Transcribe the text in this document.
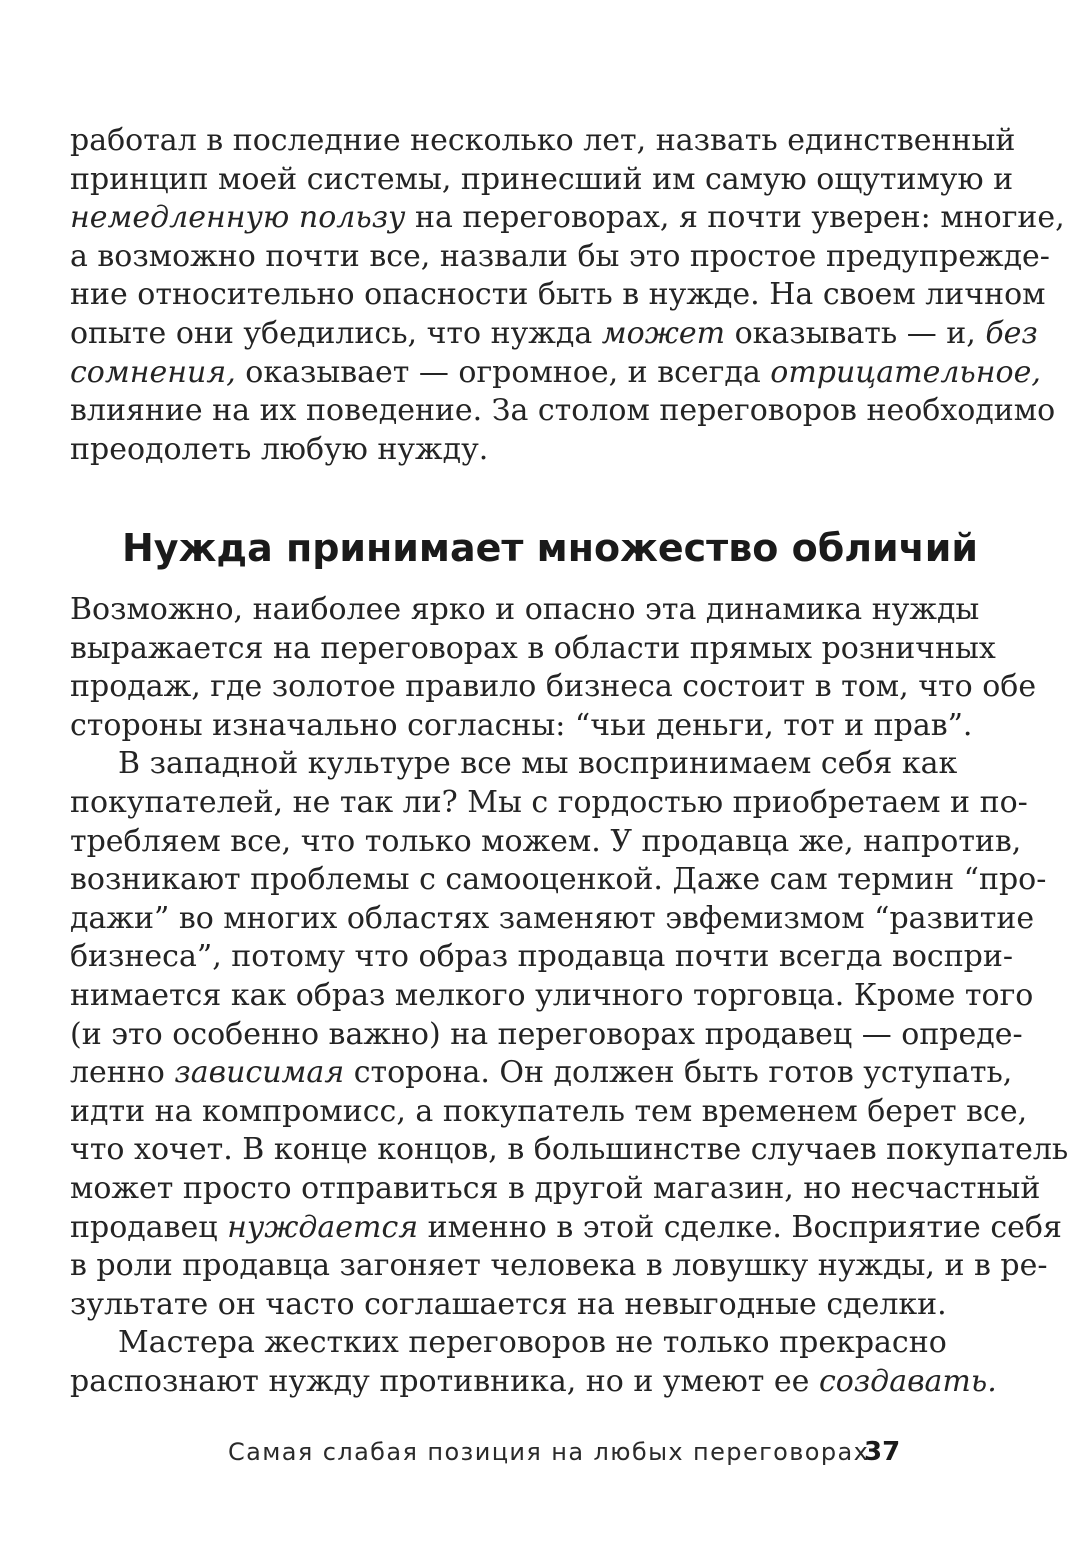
работал в последние несколько лет, назвать единственный
принцип моей системы, принесший им самую ощутимую и
немедленную пользу на переговорах, я почти уверен: многие,
а возможно почти все, назвали бы это простое предупрежде-
ние относительно опасности быть в нужде. На своем личном
опыте они убедились, что нужда может оказывать — и, без
сомнения, оказывает — огромное, и всегда отрицательное,
влияние на их поведение. За столом переговоров необходимо
преодолеть любую нужду.
Нужда принимает множество обличий
Возможно, наиболее ярко и опасно эта динамика нужды
выражается на переговорах в области прямых розничных
продаж, где золотое правило бизнеса состоит в том, что обе
стороны изначально согласны: “чьи деньги, тот и прав”.
В западной культуре все мы воспринимаем себя как
покупателей, не так ли? Мы с гордостью приобретаем и по-
требляем все, что только можем. У продавца же, напротив,
возникают проблемы с самооценкой. Даже сам термин “про-
дажи” во многих областях заменяют эвфемизмом “развитие
бизнеса”, потому что образ продавца почти всегда воспри-
нимается как образ мелкого уличного торговца. Кроме того
(и это особенно важно) на переговорах продавец — опреде-
ленно зависимая сторона. Он должен быть готов уступать,
идти на компромисс, а покупатель тем временем берет все,
что хочет. В конце концов, в большинстве случаев покупатель
может просто отправиться в другой магазин, но несчастный
продавец нуждается именно в этой сделке. Восприятие себя
в роли продавца загоняет человека в ловушку нужды, и в ре-
зультате он часто соглашается на невыгодные сделки.
Мастера жестких переговоров не только прекрасно
распознают нужду противника, но и умеют ее создавать.
Самая слабая позиция на любых переговорах
37
